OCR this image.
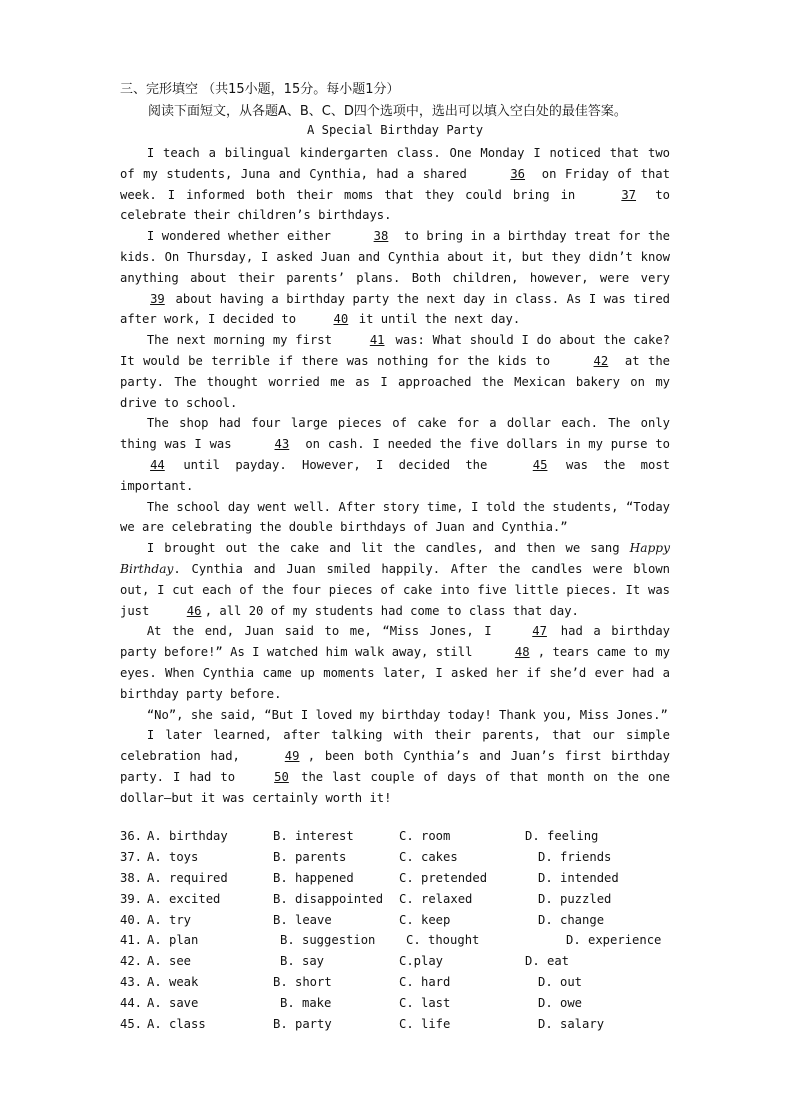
三、完形填空 （共15小题，15分。每小题1分）
阅读下面短文，从各题A、B、C、D四个选项中，选出可以填入空白处的最佳答案。
A Special Birthday Party

I teach a bilingual kindergarten class. One Monday I noticed that two of my students, Juna and Cynthia, had a shared	36 on Friday of that week. I informed both their moms that they could bring in	37 to celebrate their children’s birthdays.

I wondered whether either	38 to bring in a birthday treat for the kids. On Thursday, I asked Juan and Cynthia about it, but they didn’t know anything about their parents’ plans. Both children, however, were very 39 about having a birthday party the next day in class. As I was tired after work, I decided to 40 it until the next day.

The next morning my first 41 was: What should I do about the cake? It would be terrible if there was nothing for the kids to	42 at the party. The thought worried me as I approached the Mexican bakery on my drive to school.

The shop had four large pieces of cake for a dollar each. The only thing was I was	43 on cash. I needed the five dollars in my purse to 44 until payday. However, I decided the 45 was the most important.

The school day went well. After story time, I told the students, “Today we are celebrating the double birthdays of Juan and Cynthia.”

I brought out the cake and lit the candles, and then we sang Happy Birthday. Cynthia and Juan smiled happily. After the candles were blown out, I cut each of the four pieces of cake into five little pieces. It was just 46 , all 20 of my students had come to class that day.

At the end, Juan said to me, “Miss Jones, I 47 had a birthday party before!” As I watched him walk away, still	48 , tears came to my eyes. When Cynthia came up moments later, I asked her if she’d ever had a birthday party before.

“No”, she said, “But I loved my birthday today! Thank you, Miss Jones.”

I later learned, after talking with their parents, that our simple celebration had,	49 , been both Cynthia’s and Juan’s first birthday party. I had to 50 the last couple of days of that month on the one dollar—but it was certainly worth it!

36. A. birthday	B. interest	C. room	D. feeling
37. A. toys	B. parents	C. cakes	D. friends
38. A. required	B. happened	C. pretended	D. intended
39. A. excited	B. disappointed C. relaxed	D. puzzled
40. A. try	B. leave	C. keep	D. change
41. A. plan	B. suggestion	C. thought	D. experience
42. A. see	B. say	C.play	D. eat
43. A. weak	B. short	C. hard	D. out
44. A. save	B. make	C. last	D. owe
45. A. class	B. party	C. life	D. salary
